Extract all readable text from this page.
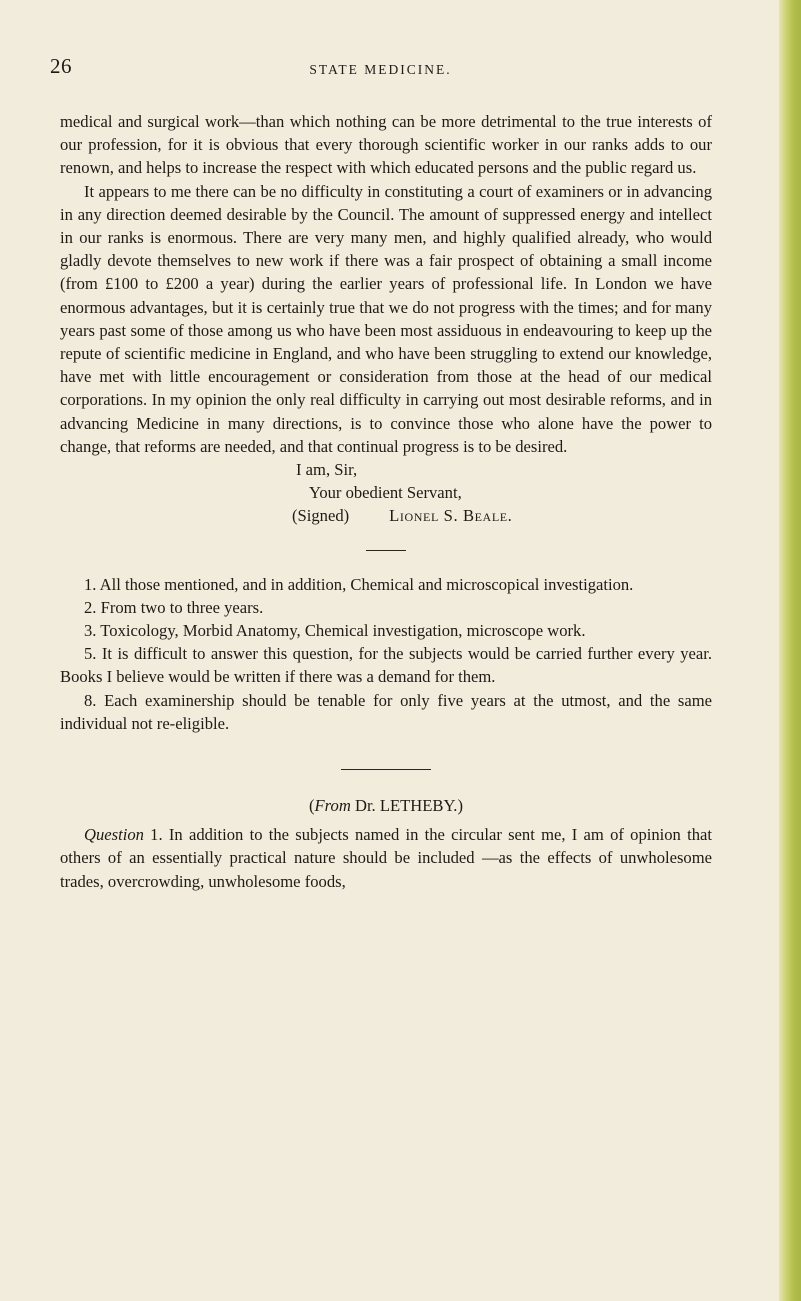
26	STATE MEDICINE.

medical and surgical work—than which nothing can be more detrimental to the true interests of our profession, for it is obvious that every thorough scientific worker in our ranks adds to our renown, and helps to increase the respect with which educated persons and the public regard us.

It appears to me there can be no difficulty in constituting a court of examiners or in advancing in any direction deemed desirable by the Council. The amount of suppressed energy and intellect in our ranks is enormous. There are very many men, and highly qualified already, who would gladly devote themselves to new work if there was a fair prospect of obtaining a small income (from £100 to £200 a year) during the earlier years of professional life. In London we have enormous advantages, but it is certainly true that we do not progress with the times; and for many years past some of those among us who have been most assiduous in endeavouring to keep up the repute of scientific medicine in England, and who have been struggling to extend our knowledge, have met with little encouragement or consideration from those at the head of our medical corporations. In my opinion the only real difficulty in carrying out most desirable reforms, and in advancing Medicine in many directions, is to convince those who alone have the power to change, that reforms are needed, and that continual progress is to be desired.

I am, Sir,
Your obedient Servant,
(Signed) Lionel S. Beale.

1. All those mentioned, and in addition, Chemical and microscopical investigation.

2. From two to three years.

3. Toxicology, Morbid Anatomy, Chemical investigation, microscope work.

5. It is difficult to answer this question, for the subjects would be carried further every year. Books I believe would be written if there was a demand for them.

8. Each examinership should be tenable for only five years at the utmost, and the same individual not re-eligible.

(From Dr. LETHEBY.)

Question 1. In addition to the subjects named in the circular sent me, I am of opinion that others of an essentially practical nature should be included —as the effects of unwholesome trades, overcrowding, unwholesome foods,
